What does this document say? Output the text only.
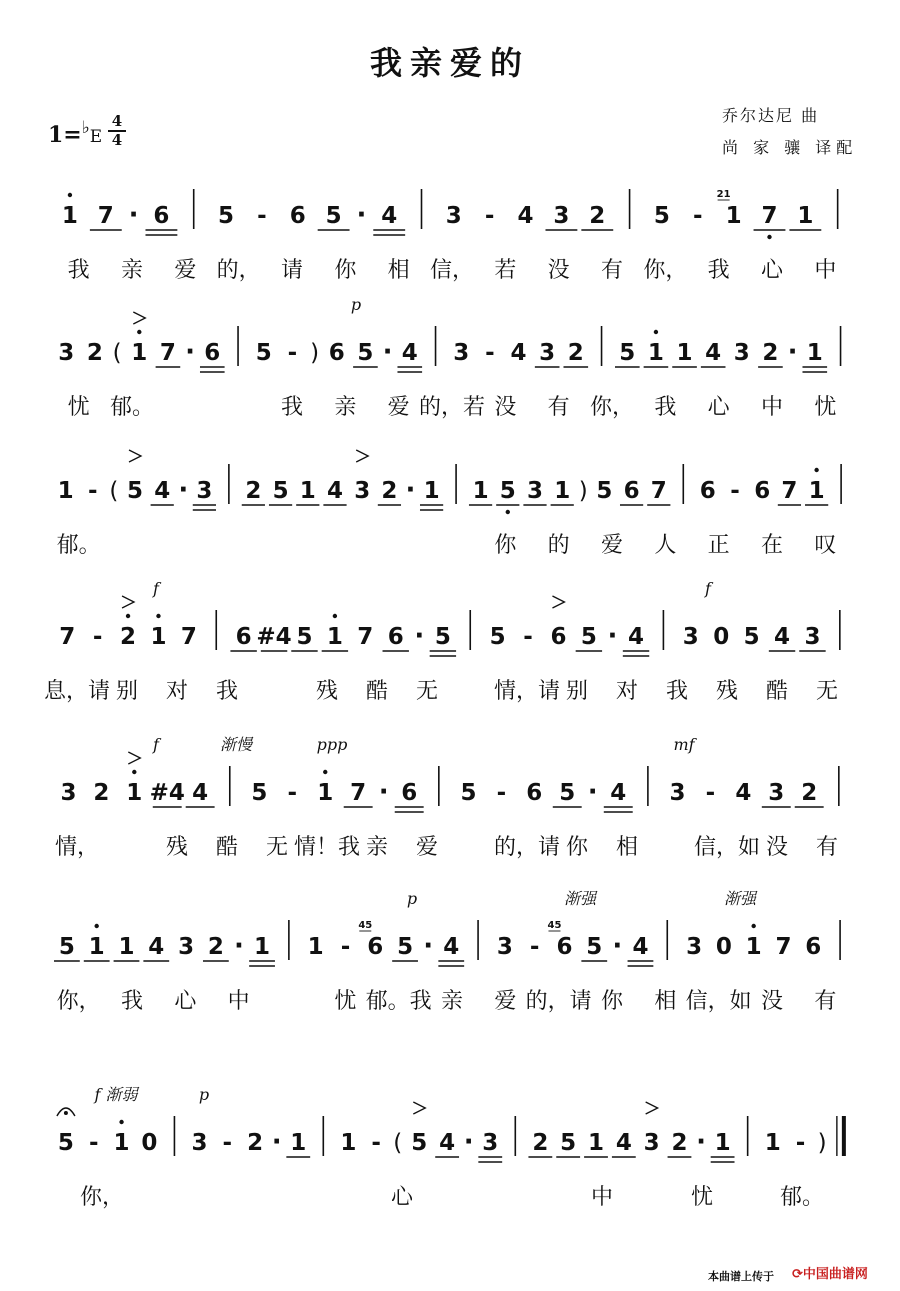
我亲爱的
1=♭E
4
4
乔尔达尼 曲
尚 家 骧 译配
1 7 · 6 5 - 6 5 · 4 3 - 4 3 2 5 - 1
21
7 1
我 亲 爱 的， 请 你 相 信， 若 没 有 你， 我 心 中
3 2 ( 1 7 · 6 5 - ) 6 5 · 4 3 - 4 3 2 5 1 1 4 3 2 · 1
忧 郁。	我 亲 爱 的，若 没 有 你， 我 心 中 忧
p
1 - ( 5 4 · 3 2 5 1 4 3 2 · 1 1 5 3 1 ) 5 6 7 6 - 6 7 1
郁。	你 的 爱 人 正 在 叹
7 - 2 1 7 6 #4 5 1 7 6 · 5 5 - 6 5 · 4 3 0 5 4 3
息，请 别 对 我	残 酷 无	情，请 别 对 我 残 酷 无
f	f
3 2 1 #4 4 5 - 1 7 · 6 5 - 6 5 · 4 3 - 4 3 2
情，	残 酷 无 情！我 亲 爱	的，请 你 相	信，如 没 有
f	渐慢	ppp	mf
5 1 1 4 3 2 · 1 1 - 6
45
5 · 4 3 - 6
45
5 · 4 3 0 1 7 6
你， 我 心 中	忧 郁。我 亲 爱 的，请 你 相 信，如 没 有
p	渐强	渐强
5 - 1 0 3 - 2 · 1 1 - ( 5 4 · 3 2 5 1 4 3 2 · 1 1 - )
你，	心	中	忧	郁。
f 渐弱	p
本曲谱上传于 ⟳中国曲谱网
